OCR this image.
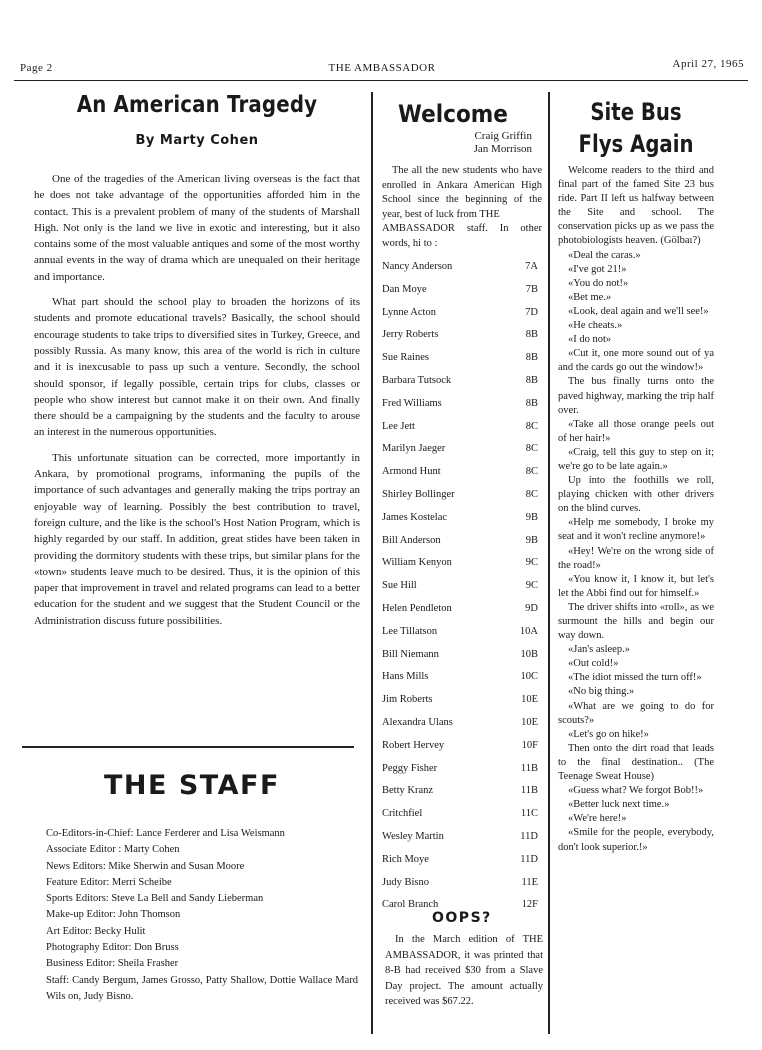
Page 2	THE AMBASSADOR	April 27, 1965
An American Tragedy
By Marty Cohen

One of the tragedies of the American living overseas is the fact that he does not take advantage of the opportunities afforded him in the contact. This is a prevalent problem of many of the students of Marshall High. Not only is the land we live in exotic and interesting, but it also contains some of the most valuable antiques and some of the most worthy annual events in the way of drama which are unequaled on their heritage and importance.

What part should the school play to broaden the horizons of its students and promote educational travels? Basically, the school should encourage students to take trips to diversified sites in Turkey, Greece, and possibly Russia. As many know, this area of the world is rich in culture and it is inexcusable to pass up such a venture. Secondly, the school should sponsor, if legally possible, certain trips for clubs, classes or people who show interest but cannot make it on their own. And finally there should be a campaigning by the students and the faculty to arouse an interest in the numerous opportunities.

This unfortunate situation can be corrected, more importantly in Ankara, by promotional programs, informaning the pupils of the importance of such advantages and generally making the trips portray an enjoyable way of learning. Possibly the best contribution to travel, foreign culture, and the like is the school's Host Nation Program, which is highly regarded by our staff. In addition, great stides have been taken in providing the dormitory students with these trips, but similar plans for the «town» students leave much to be desired. Thus, it is the opinion of this paper that improvement in travel and related programs can lead to a better education for the student and we suggest that the Student Council or the Administration discuss future possibilities.

THE STAFF
Co-Editors-in-Chief: Lance Ferderer and Lisa Weismann
Associate Editor : Marty Cohen
News Editors: Mike Sherwin and Susan Moore
Feature Editor: Merri Scheibe
Sports Editors: Steve La Bell and Sandy Lieberman
Make-up Editor: John Thomson
Art Editor: Becky Hulit
Photography Editor: Don Bruss
Business Editor: Sheila Frasher
Staff: Candy Bergum, James Grosso, Patty Shallow, Dottie Wallace Mard Wils on, Judy Bisno.
Welcome
Craig Griffin
Jan Morrison
The all the new students who have enrolled in Ankara American High School since the beginning of the year, best of luck from THE
AMBASSADOR staff. In other words, hi to :
Nancy Anderson	7A
Dan Moye	7B
Lynne Acton	7D
Jerry Roberts	8B
Sue Raines	8B
Barbara Tutsock	8B
Fred Williams	8B
Lee Jett	8C
Marilyn Jaeger	8C
Armond Hunt	8C
Shirley Bollinger	8C
James Kostelac	9B
Bill Anderson	9B
William Kenyon	9C
Sue Hill	9C
Helen Pendleton	9D
Lee Tillatson	10A
Bill Niemann	10B
Hans Mills	10C
Jim Roberts	10E
Alexandra Ulans	10E
Robert Hervey	10F
Peggy Fisher	11B
Betty Kranz	11B
Critchfiel	11C
Wesley Martin	11D
Rich Moye	11D
Judy Bisno	11E
Carol Branch	12F
OOPS?
In the March edition of THE AMBASSADOR, it was printed that 8-B had received $30 from a Slave Day project. The amount actually received was $67.22.
Site Bus
Flys Again

Welcome readers to the third and final part of the famed Site 23 bus ride. Part II left us halfway between the Site and school. The conservation picks up as we pass the photobiologists heaven. (Gölbaı?)

«Deal the caras.»

«I've got 21!»

«You do not!»

«Bet me.»

«Look, deal again and we'll see!»

«He cheats.»

«I do not»

«Cut it, one more sound out of ya and the cards go out the window!»

The bus finally turns onto the paved highway, marking the trip half over.

«Take all those orange peels out of her hair!»

«Craig, tell this guy to step on it; we're go to be late again.»

Up into the foothills we roll, playing chicken with other drivers on the blind curves.

«Help me somebody, I broke my seat and it won't recline anymore!»

«Hey! We're on the wrong side of the road!»

«You know it, I know it, but let's let the Abbi find out for himself.»

The driver shifts into «roll», as we surmount the hills and begin our way down.

«Jan's asleep.»

«Out cold!»

«The idiot missed the turn off!»

«No big thing.»

«What are we going to do for scouts?»

«Let's go on hike!»

Then onto the dirt road that leads to the final destination.. (The Teenage Sweat House)

«Guess what? We forgot Bob!!»

«Better luck next time.»

«We're here!»

«Smile for the people, everybody, don't look superior.!»
